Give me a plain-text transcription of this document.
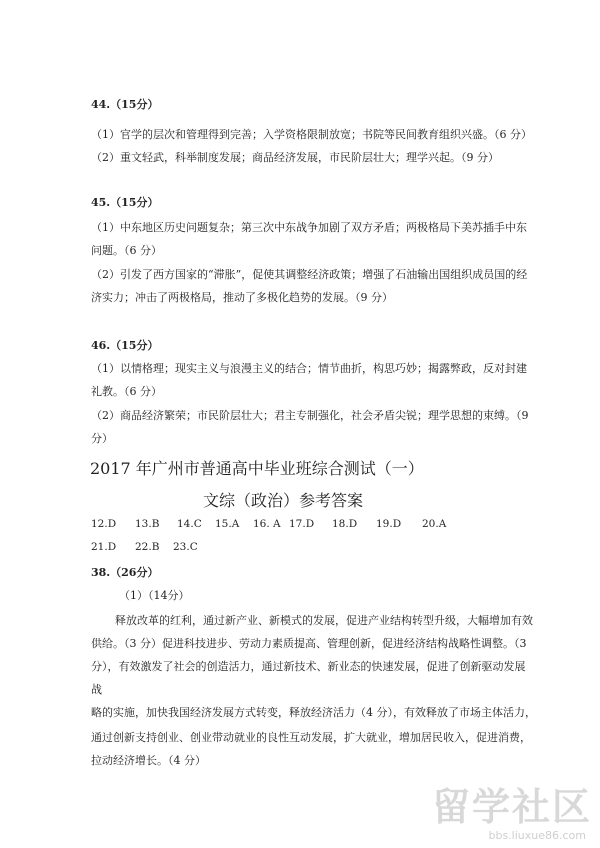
44.（15分）
（1）官学的层次和管理得到完善；入学资格限制放宽；书院等民间教育组织兴盛。（6 分）
（2）重文轻武，科举制度发展；商品经济发展，市民阶层壮大；理学兴起。（9 分）
45.（15分）
（1）中东地区历史问题复杂；第三次中东战争加剧了双方矛盾；两极格局下美苏插手中东
问题。（6 分）
（2）引发了西方国家的“滞胀”，促使其调整经济政策；增强了石油输出国组织成员国的经
济实力；冲击了两极格局，推动了多极化趋势的发展。（9 分）
46.（15分）
（1）以情格理；现实主义与浪漫主义的结合；情节曲折，构思巧妙；揭露弊政，反对封建
礼教。（6 分）
（2）商品经济繁荣；市民阶层壮大；君主专制强化，社会矛盾尖锐；理学思想的束缚。（9
分）
2017 年广州市普通高中毕业班综合测试（一）
文综（政治）参考答案
12.D 13.B 14.C 15.A 16. A 17.D 18.D 19.D 20.A
21.D 22.B 23.C
38.（26分）
（1）（14分）
释放改革的红利，通过新产业、新模式的发展，促进产业结构转型升级，大幅增加有效
供给。（3 分）促进科技进步、劳动力素质提高、管理创新，促进经济结构战略性调整。（3
分），有效激发了社会的创造活力，通过新技术、新业态的快速发展，促进了创新驱动发展
战
略的实施，加快我国经济发展方式转变，释放经济活力（4 分），有效释放了市场主体活力，
通过创新支持创业、创业带动就业的良性互动发展，扩大就业，增加居民收入，促进消费，
拉动经济增长。（4 分）
留学社区
bbs.liuxue86.com
